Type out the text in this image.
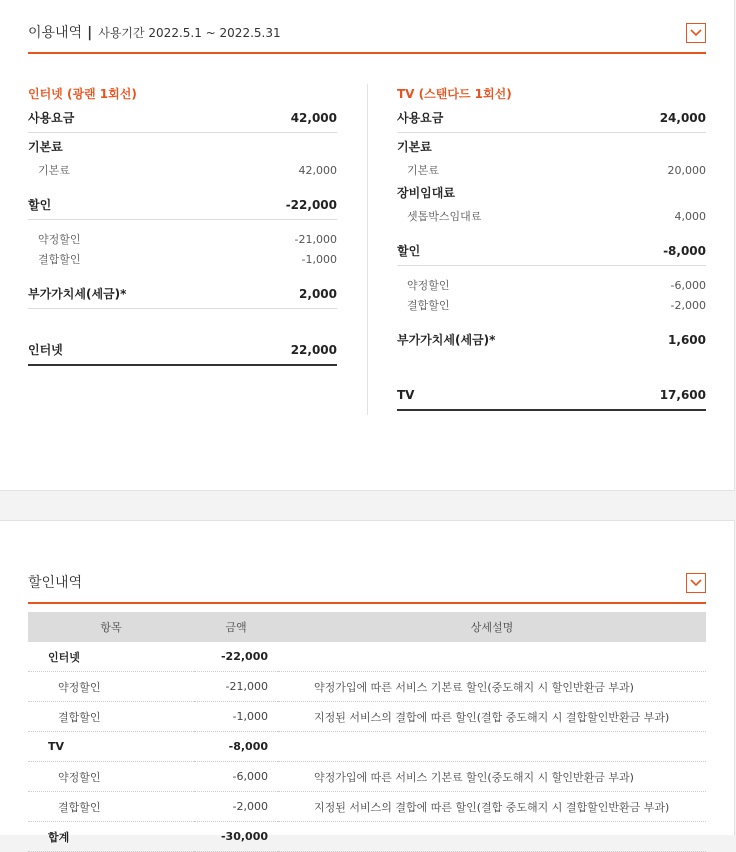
이용내역 | 사용기간 2022.5.1 ~ 2022.5.31
인터넷 (광랜 1회선)
사용요금	42,000
기본료
기본료	42,000
할인	-22,000
약정할인	-21,000
결합할인	-1,000
부가가치세(세금)*	2,000
인터넷	22,000
TV (스탠다드 1회선)
사용요금	24,000
기본료
기본료	20,000
장비임대료
셋톱박스임대료	4,000
할인	-8,000
약정할인	-6,000
결합할인	-2,000
부가가치세(세금)*	1,600
TV	17,600
할인내역
항목	금액	상세설명
인터넷	-22,000	
약정할인	-21,000	약정가입에 따른 서비스 기본료 할인(중도해지 시 할인반환금 부과)
결합할인	-1,000	지정된 서비스의 결합에 따른 할인(결합 중도해지 시 결합할인반환금 부과)
TV	-8,000	
약정할인	-6,000	약정가입에 따른 서비스 기본료 할인(중도해지 시 할인반환금 부과)
결합할인	-2,000	지정된 서비스의 결합에 따른 할인(결합 중도해지 시 결합할인반환금 부과)
합계	-30,000	
